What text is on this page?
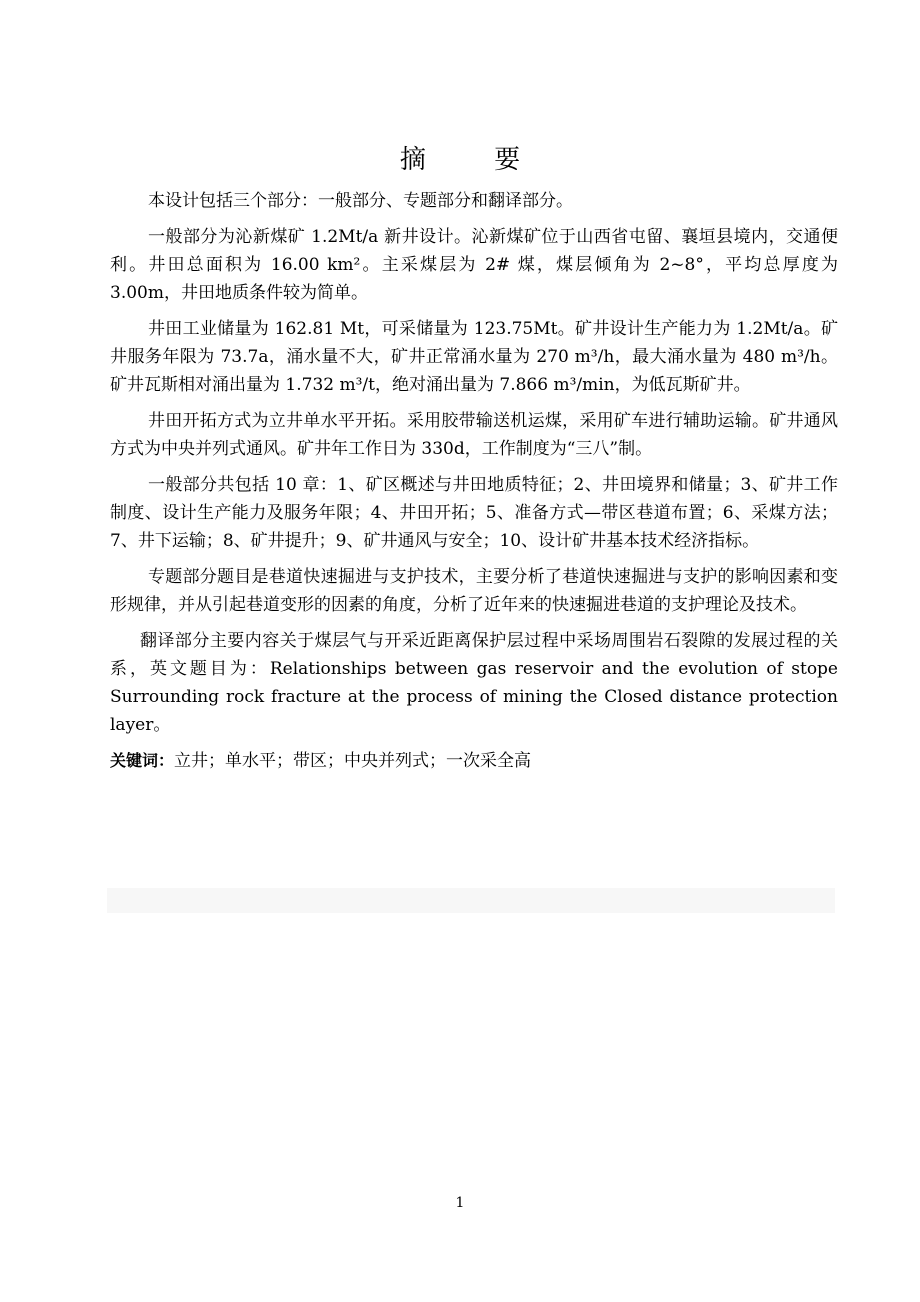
摘 要

本设计包括三个部分：一般部分、专题部分和翻译部分。

一般部分为沁新煤矿 1.2Mt/a 新井设计。沁新煤矿位于山西省屯留、襄垣县境内，交通便利。井田总面积为 16.00 km²。主采煤层为 2# 煤，煤层倾角为 2~8°，平均总厚度为 3.00m，井田地质条件较为简单。

井田工业储量为 162.81 Mt，可采储量为 123.75Mt。矿井设计生产能力为 1.2Mt/a。矿井服务年限为 73.7a，涌水量不大，矿井正常涌水量为 270 m³/h，最大涌水量为 480 m³/h。矿井瓦斯相对涌出量为 1.732 m³/t，绝对涌出量为 7.866 m³/min，为低瓦斯矿井。

井田开拓方式为立井单水平开拓。采用胶带输送机运煤，采用矿车进行辅助运输。矿井通风方式为中央并列式通风。矿井年工作日为 330d，工作制度为“三八”制。

一般部分共包括 10 章：1、矿区概述与井田地质特征；2、井田境界和储量；3、矿井工作制度、设计生产能力及服务年限；4、井田开拓；5、准备方式—带区巷道布置；6、采煤方法；7、井下运输；8、矿井提升；9、矿井通风与安全；10、设计矿井基本技术经济指标。

专题部分题目是巷道快速掘进与支护技术，主要分析了巷道快速掘进与支护的影响因素和变形规律，并从引起巷道变形的因素的角度，分析了近年来的快速掘进巷道的支护理论及技术。

翻译部分主要内容关于煤层气与开采近距离保护层过程中采场周围岩石裂隙的发展过程的关系，英文题目为：Relationships between gas reservoir and the evolution of stope Surrounding rock fracture at the process of mining the Closed distance protection layer。

关键词：立井；单水平；带区；中央并列式；一次采全高

1
